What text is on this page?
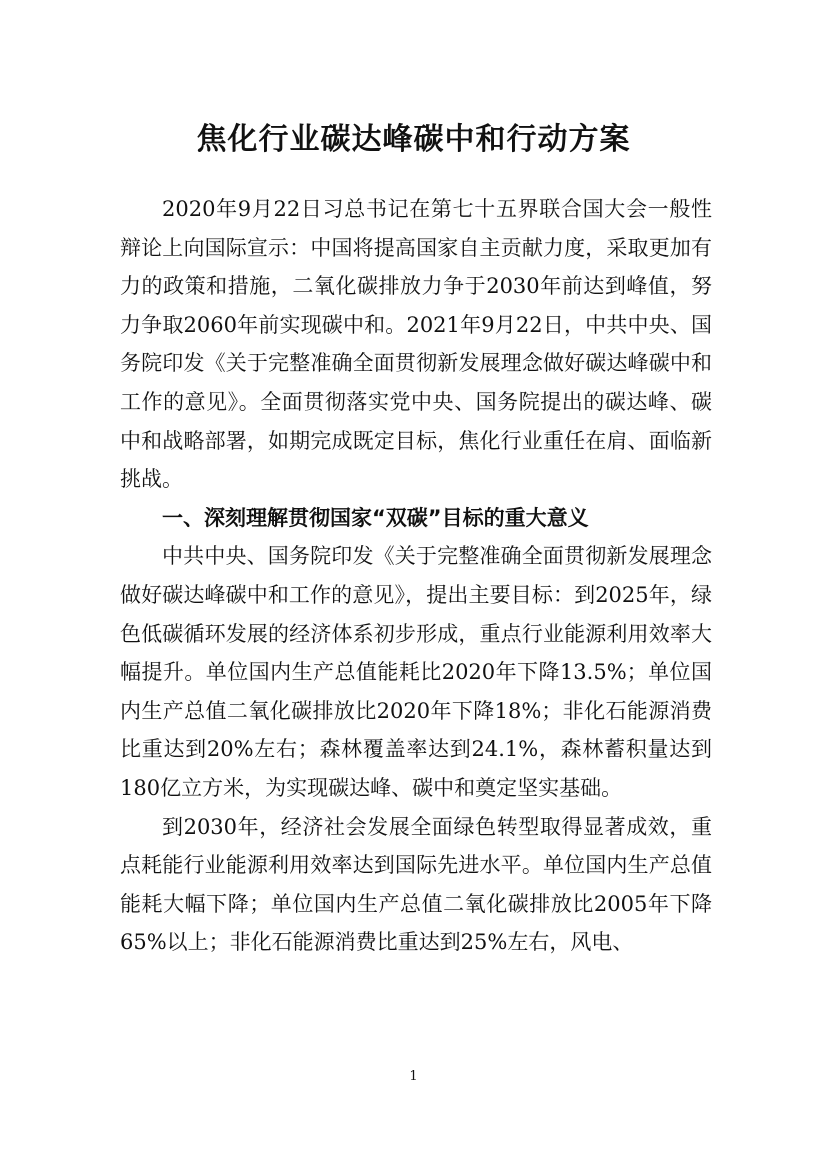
焦化行业碳达峰碳中和行动方案

2020年9月22日习总书记在第七十五界联合国大会一般性辩论上向国际宣示：中国将提高国家自主贡献力度，采取更加有力的政策和措施，二氧化碳排放力争于2030年前达到峰值，努力争取2060年前实现碳中和。2021年9月22日，中共中央、国务院印发《关于完整准确全面贯彻新发展理念做好碳达峰碳中和工作的意见》。全面贯彻落实党中央、国务院提出的碳达峰、碳中和战略部署，如期完成既定目标，焦化行业重任在肩、面临新挑战。

一、深刻理解贯彻国家“双碳”目标的重大意义

中共中央、国务院印发《关于完整准确全面贯彻新发展理念做好碳达峰碳中和工作的意见》，提出主要目标：到2025年，绿色低碳循环发展的经济体系初步形成，重点行业能源利用效率大幅提升。单位国内生产总值能耗比2020年下降13.5%；单位国内生产总值二氧化碳排放比2020年下降18%；非化石能源消费比重达到20%左右；森林覆盖率达到24.1%，森林蓄积量达到180亿立方米，为实现碳达峰、碳中和奠定坚实基础。

到2030年，经济社会发展全面绿色转型取得显著成效，重点耗能行业能源利用效率达到国际先进水平。单位国内生产总值能耗大幅下降；单位国内生产总值二氧化碳排放比2005年下降65%以上；非化石能源消费比重达到25%左右，风电、

1
